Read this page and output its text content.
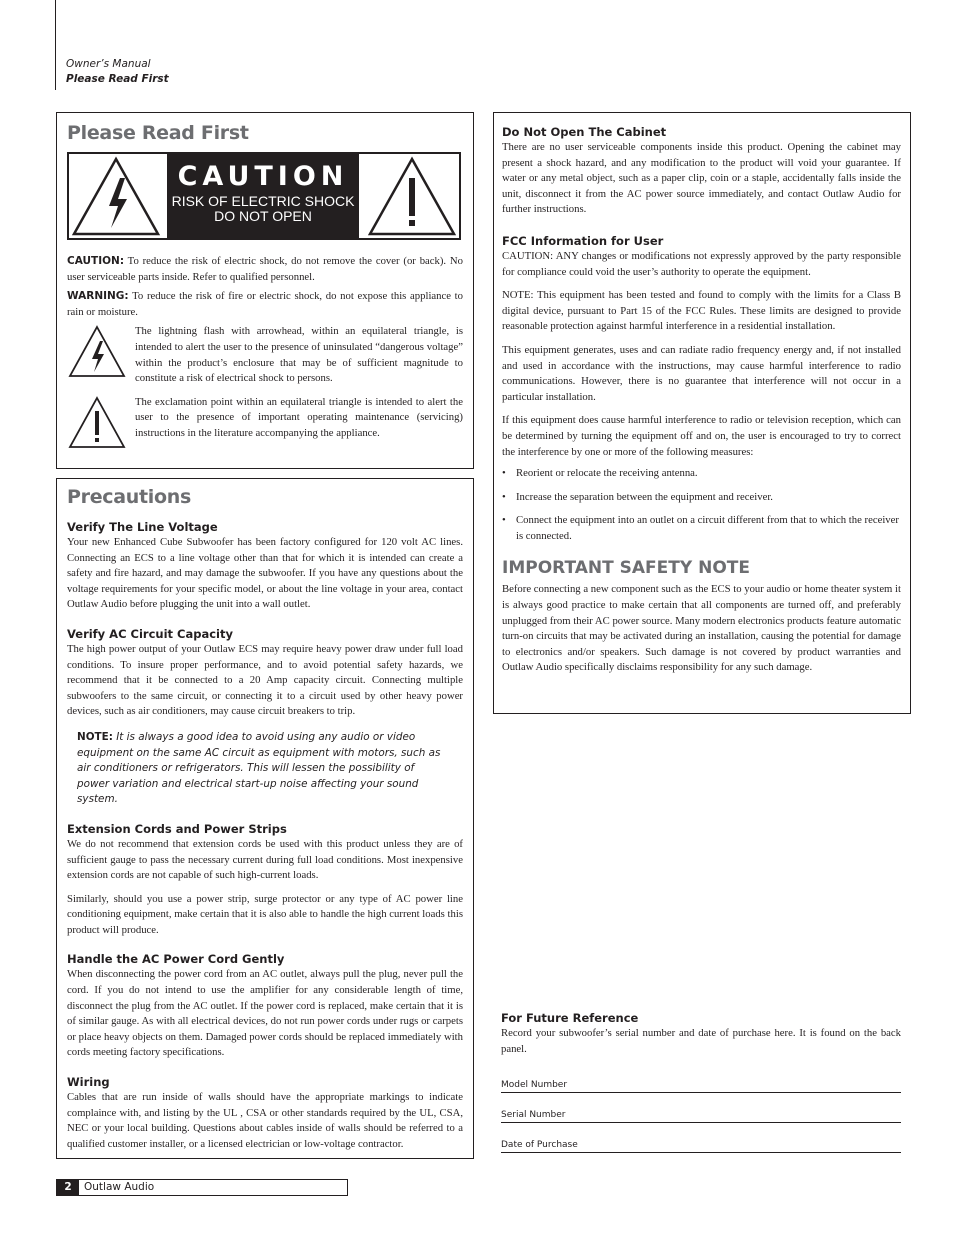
Owner’s Manual
Please Read First
Please Read First
CAUTION
RISK OF ELECTRIC SHOCK
DO NOT OPEN

CAUTION: To reduce the risk of electric shock, do not remove the cover (or back). No user serviceable parts inside. Refer to qualified personnel.

WARNING: To reduce the risk of fire or electric shock, do not expose this appliance to rain or moisture.

The lightning flash with arrowhead, within an equilateral triangle, is intended to alert the user to the presence of uninsulated “dangerous voltage” within the product’s enclosure that may be of sufficient magnitude to constitute a risk of electrical shock to persons.

The exclamation point within an equilateral triangle is intended to alert the user to the presence of important operating maintenance (servicing) instructions in the literature accompanying the appliance.

Precautions
Verify The Line Voltage

Your new Enhanced Cube Subwoofer has been factory configured for 120 volt AC lines. Connecting an ECS to a line voltage other than that for which it is intended can create a safety and fire hazard, and may damage the subwoofer. If you have any questions about the voltage requirements for your specific model, or about the line voltage in your area, contact Outlaw Audio before plugging the unit into a wall outlet.

Verify AC Circuit Capacity

The high power output of your Outlaw ECS may require heavy power draw under full load conditions. To insure proper performance, and to avoid potential safety hazards, we recommend that it be connected to a 20 Amp capacity circuit. Connecting multiple subwoofers to the same circuit, or connecting it to a circuit used by other heavy power devices, such as air conditioners, may cause circuit breakers to trip.

NOTE: It is always a good idea to avoid using any audio or video equipment on the same AC circuit as equipment with motors, such as air conditioners or refrigerators. This will lessen the possibility of power variation and electrical start-up noise affecting your sound system.
Extension Cords and Power Strips

We do not recommend that extension cords be used with this product unless they are of sufficient gauge to pass the necessary current during full load conditions. Most inexpensive extension cords are not capable of such high-current loads.

Similarly, should you use a power strip, surge protector or any type of AC power line conditioning equipment, make certain that it is also able to handle the high current loads this product will produce.

Handle the AC Power Cord Gently

When disconnecting the power cord from an AC outlet, always pull the plug, never pull the cord. If you do not intend to use the amplifier for any considerable length of time, disconnect the plug from the AC outlet. If the power cord is replaced, make certain that it is of similar gauge. As with all electrical devices, do not run power cords under rugs or carpets or place heavy objects on them. Damaged power cords should be replaced immediately with cords meeting factory specifications.

Wiring

Cables that are run inside of walls should have the appropriate markings to indicate complaince with, and listing by the UL , CSA or other standards required by the UL, CSA, NEC or your local building. Questions about cables inside of walls should be referred to a qualified customer installer, or a licensed electrician or low-voltage contractor.

Do Not Open The Cabinet

There are no user serviceable components inside this product. Opening the cabinet may present a shock hazard, and any modification to the product will void your guarantee. If water or any metal object, such as a paper clip, coin or a staple, accidentally falls inside the unit, disconnect it from the AC power source immediately, and contact Outlaw Audio for further instructions.

FCC Information for User

CAUTION: ANY changes or modifications not expressly approved by the party responsible for compliance could void the user’s authority to operate the equipment.

NOTE: This equipment has been tested and found to comply with the limits for a Class B digital device, pursuant to Part 15 of the FCC Rules. These limits are designed to provide reasonable protection against harmful interference in a residential installation.

This equipment generates, uses and can radiate radio frequency energy and, if not installed and used in accordance with the instructions, may cause harmful interference to radio communications. However, there is no guarantee that interference will not occur in a particular installation.

If this equipment does cause harmful interference to radio or television reception, which can be determined by turning the equipment off and on, the user is encouraged to try to correct the interference by one or more of the following measures:

• Reorient or relocate the receiving antenna.
• Increase the separation between the equipment and receiver.
• Connect the equipment into an outlet on a circuit different from that to which the receiver is connected.
IMPORTANT SAFETY NOTE

Before connecting a new component such as the ECS to your audio or home theater system it is always good practice to make certain that all components are turned off, and preferably unplugged from their AC power source. Many modern electronics products feature automatic turn-on circuits that may be activated during an installation, causing the potential for damage to electronics and/or speakers. Such damage is not covered by product warranties and Outlaw Audio specifically disclaims responsibility for any such damage.

For Future Reference

Record your subwoofer’s serial number and date of purchase here. It is found on the back panel.

Model Number
Serial Number
Date of Purchase
2	Outlaw Audio
